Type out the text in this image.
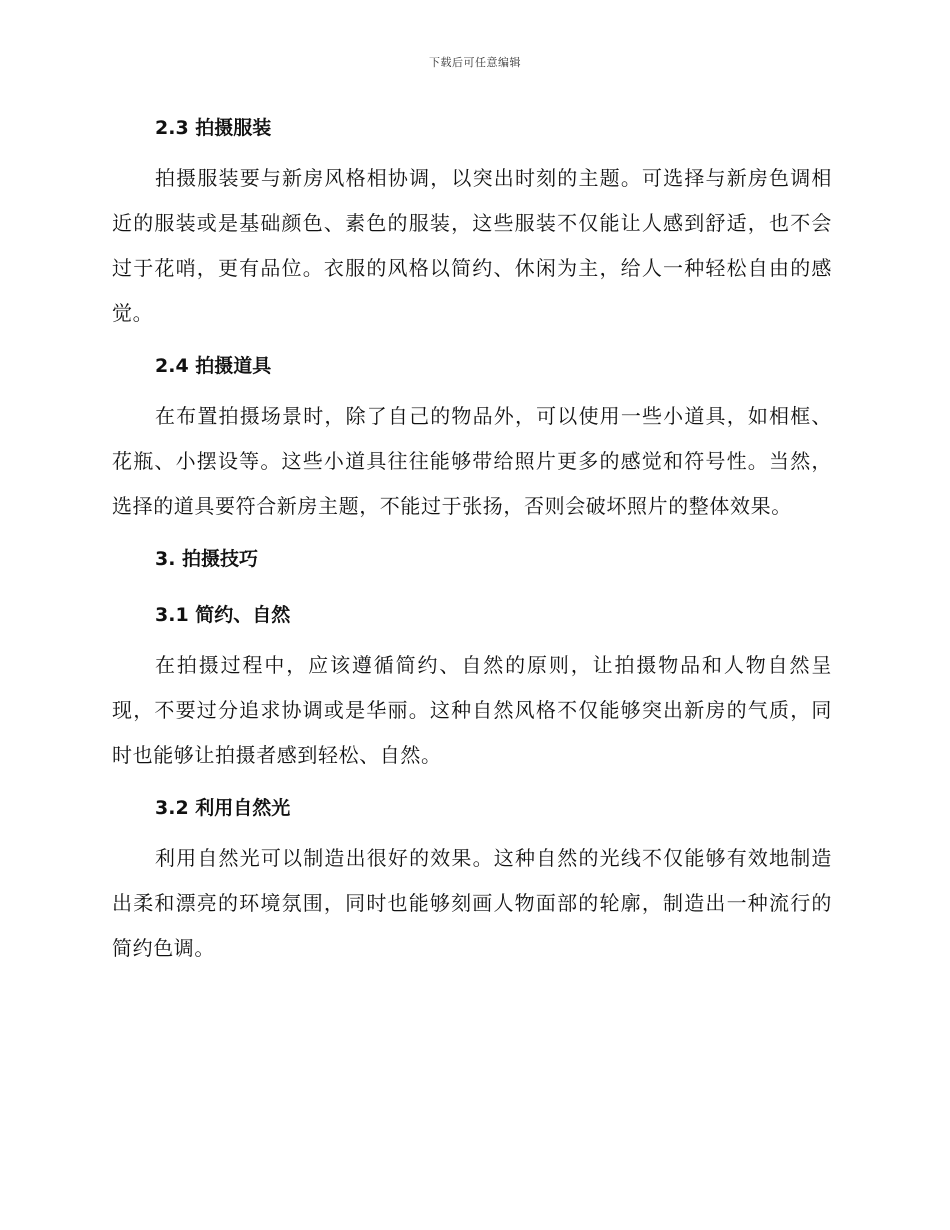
下载后可任意编辑
2.3 拍摄服装

拍摄服装要与新房风格相协调，以突出时刻的主题。可选择与新房色调相近的服装或是基础颜色、素色的服装，这些服装不仅能让人感到舒适，也不会过于花哨，更有品位。衣服的风格以简约、休闲为主，给人一种轻松自由的感觉。

2.4 拍摄道具

在布置拍摄场景时，除了自己的物品外，可以使用一些小道具，如相框、花瓶、小摆设等。这些小道具往往能够带给照片更多的感觉和符号性。当然，选择的道具要符合新房主题，不能过于张扬，否则会破坏照片的整体效果。

3. 拍摄技巧
3.1 简约、自然

在拍摄过程中，应该遵循简约、自然的原则，让拍摄物品和人物自然呈现，不要过分追求协调或是华丽。这种自然风格不仅能够突出新房的气质，同时也能够让拍摄者感到轻松、自然。

3.2 利用自然光

利用自然光可以制造出很好的效果。这种自然的光线不仅能够有效地制造出柔和漂亮的环境氛围，同时也能够刻画人物面部的轮廓，制造出一种流行的简约色调。
